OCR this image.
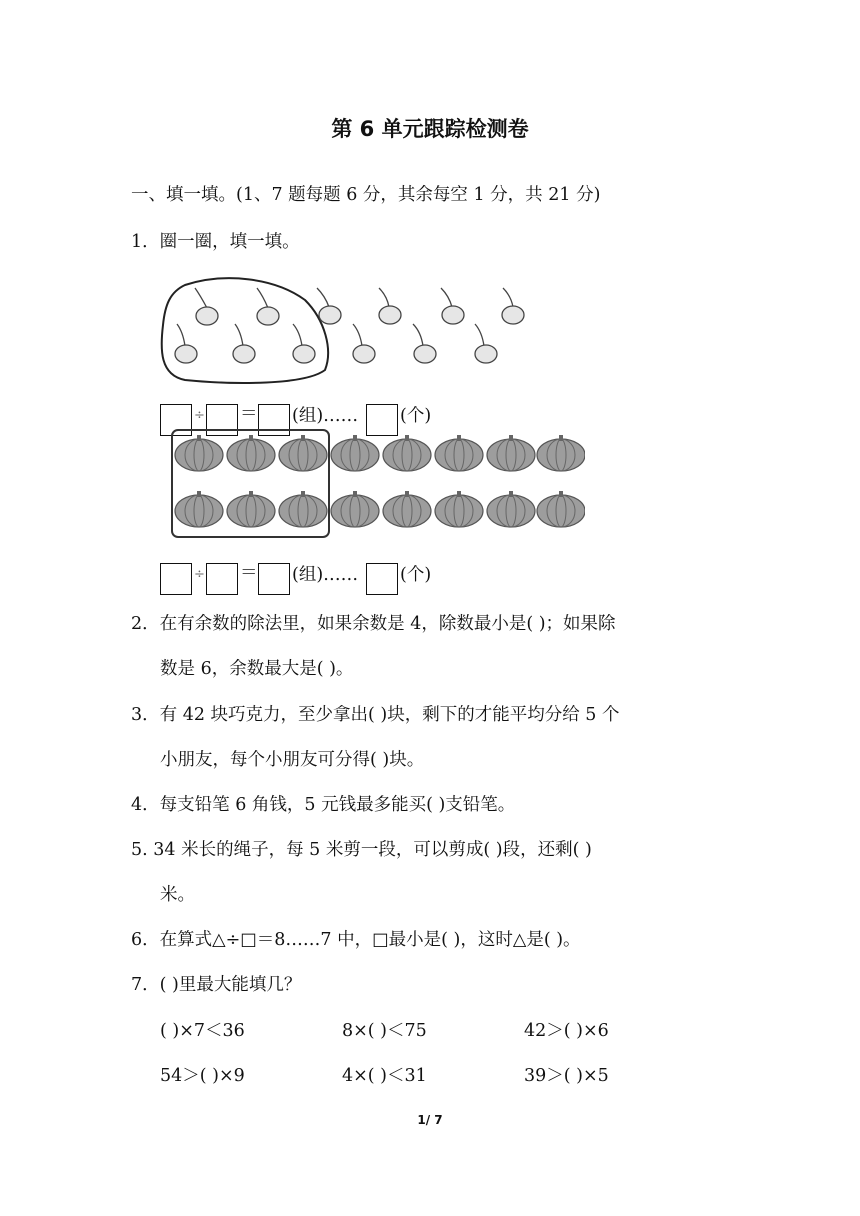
第 6 单元跟踪检测卷
一、填一填。(1、7 题每题 6 分，其余每空 1 分，共 21 分)
1．圈一圈，填一填。
÷ ＝ (组)…… (个)
÷ ＝ (组)…… (个)
2．在有余数的除法里，如果余数是 4，除数最小是( )；如果除
数是 6，余数最大是( )。
3．有 42 块巧克力，至少拿出( )块，剩下的才能平均分给 5 个
小朋友，每个小朋友可分得( )块。
4．每支铅笔 6 角钱，5 元钱最多能买( )支铅笔。
5. 34 米长的绳子，每 5 米剪一段，可以剪成( )段，还剩( )
米。
6．在算式△÷□＝8……7 中，□最小是( )，这时△是( )。
7．( )里最大能填几？
( )×7＜36	8×( )＜75	42＞( )×6
54＞( )×9	4×( )＜31	39＞( )×5
1/ 7
